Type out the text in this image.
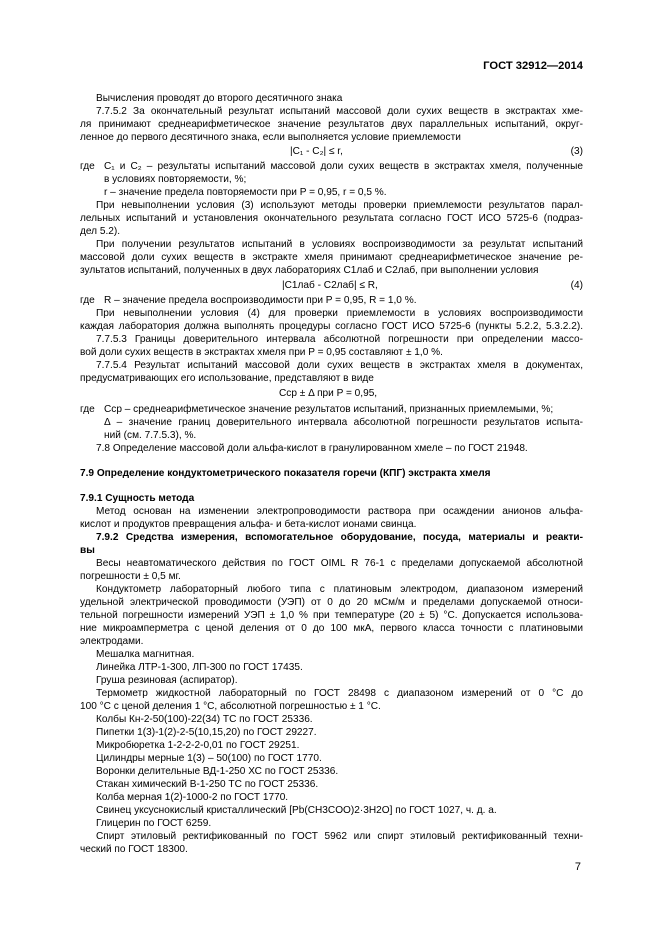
ГОСТ 32912—2014
Вычисления проводят до второго десятичного знака
7.7.5.2 За окончательный результат испытаний массовой доли сухих веществ в экстрактах хме-
ля принимают среднеарифметическое значение результатов двух параллельных испытаний, округ-
ленное до первого десятичного знака, если выполняется условие приемлемости
|C₁ - C₂| ≤ r,	(3)
где C₁ и C₂ – результаты испытаний массовой доли сухих веществ в экстрактах хмеля, полученные
в условиях повторяемости, %;
r – значение предела повторяемости при P = 0,95, r = 0,5 %.
При невыполнении условия (3) используют методы проверки приемлемости результатов парал-
лельных испытаний и установления окончательного результата согласно ГОСТ ИСО 5725-6 (подраз-
дел 5.2).
При получении результатов испытаний в условиях воспроизводимости за результат испытаний
массовой доли сухих веществ в экстракте хмеля принимают среднеарифметическое значение ре-
зультатов испытаний, полученных в двух лабораториях C1лаб и C2лаб, при выполнении условия
|C1лаб - C2лаб| ≤ R,	(4)
где R – значение предела воспроизводимости при P = 0,95, R = 1,0 %.
При невыполнении условия (4) для проверки приемлемости в условиях воспроизводимости
каждая лаборатория должна выполнять процедуры согласно ГОСТ ИСО 5725-6 (пункты 5.2.2, 5.3.2.2).
7.7.5.3 Границы доверительного интервала абсолютной погрешности при определении массо-
вой доли сухих веществ в экстрактах хмеля при P = 0,95 составляют ± 1,0 %.
7.7.5.4 Результат испытаний массовой доли сухих веществ в экстрактах хмеля в документах,
предусматривающих его использование, представляют в виде
Cср ± Δ при P = 0,95,
где Cср – среднеарифметическое значение результатов испытаний, признанных приемлемыми, %;
Δ – значение границ доверительного интервала абсолютной погрешности результатов испыта-
ний (см. 7.7.5.3), %.
7.8 Определение массовой доли альфа-кислот в гранулированном хмеле – по ГОСТ 21948.
7.9 Определение кондуктометрического показателя горечи (КПГ) экстракта хмеля
7.9.1 Сущность метода
Метод основан на изменении электропроводимости раствора при осаждении анионов альфа-
кислот и продуктов превращения альфа- и бета-кислот ионами свинца.
7.9.2 Средства измерения, вспомогательное оборудование, посуда, материалы и реакти-
вы
Весы неавтоматического действия по ГОСТ OIML R 76-1 с пределами допускаемой абсолютной
погрешности ± 0,5 мг.
Кондуктометр лабораторный любого типа с платиновым электродом, диапазоном измерений
удельной электрической проводимости (УЭП) от 0 до 20 мСм/м и пределами допускаемой относи-
тельной погрешности измерений УЭП ± 1,0 % при температуре (20 ± 5) °С. Допускается использова-
ние микроамперметра с ценой деления от 0 до 100 мкА, первого класса точности с платиновыми
электродами.
Мешалка магнитная.
Линейка ЛТР-1-300, ЛП-300 по ГОСТ 17435.
Груша резиновая (аспиратор).
Термометр жидкостной лабораторный по ГОСТ 28498 с диапазоном измерений от 0 °С до
100 °С с ценой деления 1 °С, абсолютной погрешностью ± 1 °С.
Колбы Кн-2-50(100)-22(34) ТС по ГОСТ 25336.
Пипетки 1(3)-1(2)-2-5(10,15,20) по ГОСТ 29227.
Микробюретка 1-2-2-2-0,01 по ГОСТ 29251.
Цилиндры мерные 1(3) – 50(100) по ГОСТ 1770.
Воронки делительные ВД-1-250 ХС по ГОСТ 25336.
Стакан химический В-1-250 ТС по ГОСТ 25336.
Колба мерная 1(2)-1000-2 по ГОСТ 1770.
Свинец уксуснокислый кристаллический [Pb(CH3COO)2·3H2O] по ГОСТ 1027, ч. д. а.
Глицерин по ГОСТ 6259.
Спирт этиловый ректификованный по ГОСТ 5962 или спирт этиловый ректификованный техни-
ческий по ГОСТ 18300.
7
